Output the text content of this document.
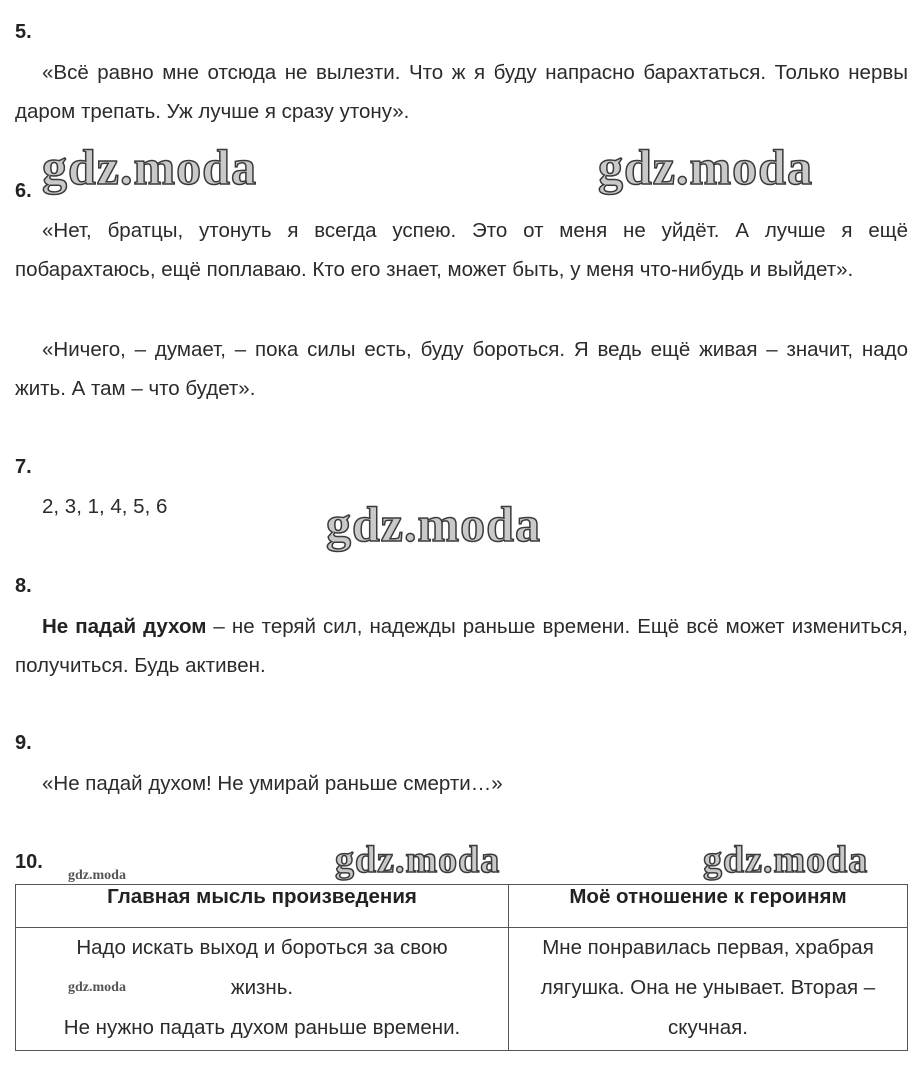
5.
«Всё равно мне отсюда не вылезти. Что ж я буду напрасно барахтаться. Только нервы даром трепать. Уж лучше я сразу утону».
gdz.moda	gdz.moda
6.
«Нет, братцы, утонуть я всегда успею. Это от меня не уйдёт. А лучше я ещё побарахтаюсь, ещё поплаваю. Кто его знает, может быть, у меня что-нибудь и выйдет».
«Ничего, – думает, – пока силы есть, буду бороться. Я ведь ещё живая – значит, надо жить. А там – что будет».
7.
2, 3, 1, 4, 5, 6	gdz.moda
8.
Не падай духом – не теряй сил, надежды раньше времени. Ещё всё может измениться, получиться. Будь активен.
9.
«Не падай духом! Не умирай раньше смерти…»
10.
gdz.moda	gdz.moda	gdz.moda
Главная мысль произведения	Моё отношение к героиням

Надо искать выход и бороться за свою
gdz.moda жизнь.
Не нужно падать духом раньше времени.	Мне понравилась первая, храбрая лягушка. Она не унывает. Вторая – скучная.
